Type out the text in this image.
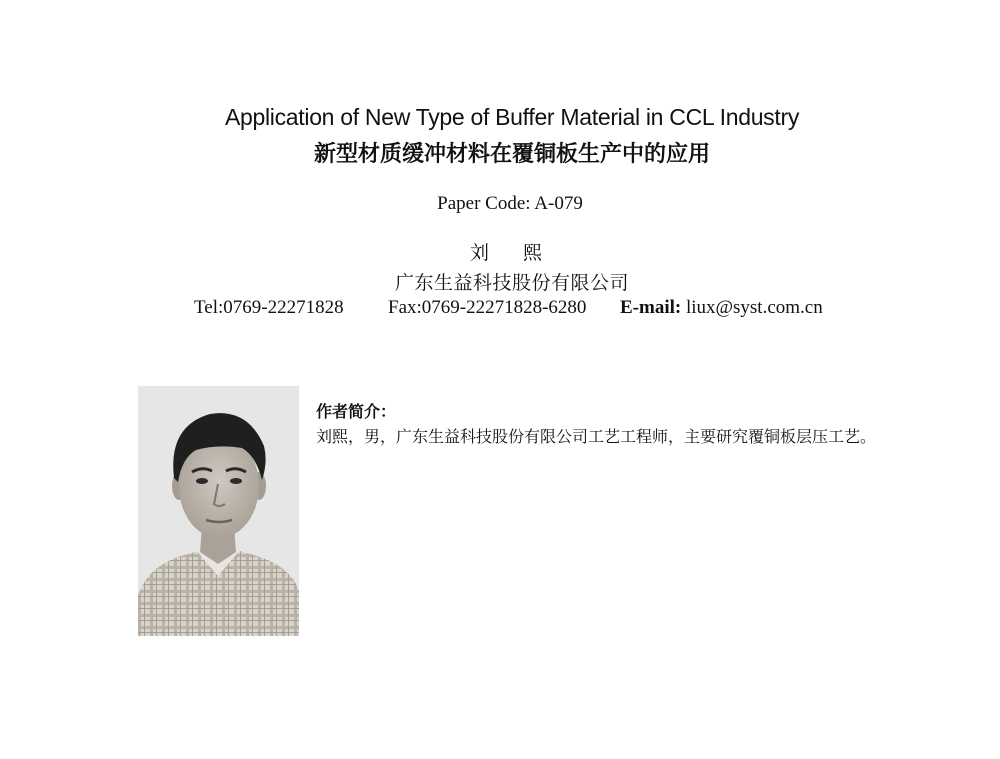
Application of New Type of Buffer Material in CCL Industry
新型材质缓冲材料在覆铜板生产中的应用
Paper Code: A-079
刘 熙
广东生益科技股份有限公司
Tel:0769-22271828 Fax:0769-22271828-6280 E-mail: liux@syst.com.cn
作者简介：
刘熙，男，广东生益科技股份有限公司工艺工程师，主要研究覆铜板层压工艺。
